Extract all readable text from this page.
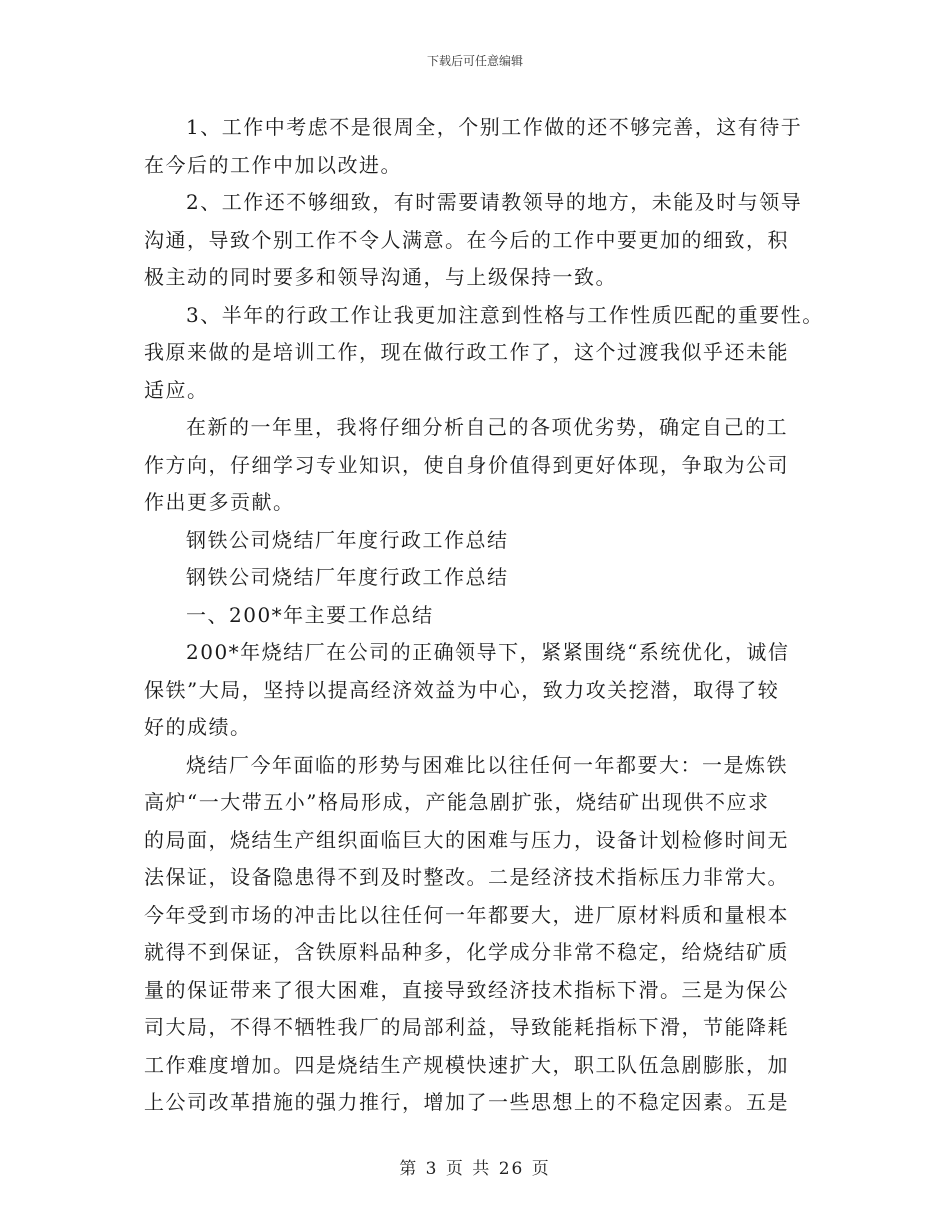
下载后可任意编辑
1、工作中考虑不是很周全，个别工作做的还不够完善，这有待于
在今后的工作中加以改进。
2、工作还不够细致，有时需要请教领导的地方，未能及时与领导
沟通，导致个别工作不令人满意。在今后的工作中要更加的细致，积
极主动的同时要多和领导沟通，与上级保持一致。
3、半年的行政工作让我更加注意到性格与工作性质匹配的重要性。
我原来做的是培训工作，现在做行政工作了，这个过渡我似乎还未能
适应。
在新的一年里，我将仔细分析自己的各项优劣势，确定自己的工
作方向，仔细学习专业知识，使自身价值得到更好体现，争取为公司
作出更多贡献。
钢铁公司烧结厂年度行政工作总结
钢铁公司烧结厂年度行政工作总结
一、200*年主要工作总结
200*年烧结厂在公司的正确领导下，紧紧围绕“系统优化，诚信
保铁”大局，坚持以提高经济效益为中心，致力攻关挖潜，取得了较
好的成绩。
烧结厂今年面临的形势与困难比以往任何一年都要大：一是炼铁
高炉“一大带五小”格局形成，产能急剧扩张，烧结矿出现供不应求
的局面，烧结生产组织面临巨大的困难与压力，设备计划检修时间无
法保证，设备隐患得不到及时整改。二是经济技术指标压力非常大。
今年受到市场的冲击比以往任何一年都要大，进厂原材料质和量根本
就得不到保证，含铁原料品种多，化学成分非常不稳定，给烧结矿质
量的保证带来了很大困难，直接导致经济技术指标下滑。三是为保公
司大局，不得不牺牲我厂的局部利益，导致能耗指标下滑，节能降耗
工作难度增加。四是烧结生产规模快速扩大，职工队伍急剧膨胀，加
上公司改革措施的强力推行，增加了一些思想上的不稳定因素。五是
第 3 页 共 26 页
